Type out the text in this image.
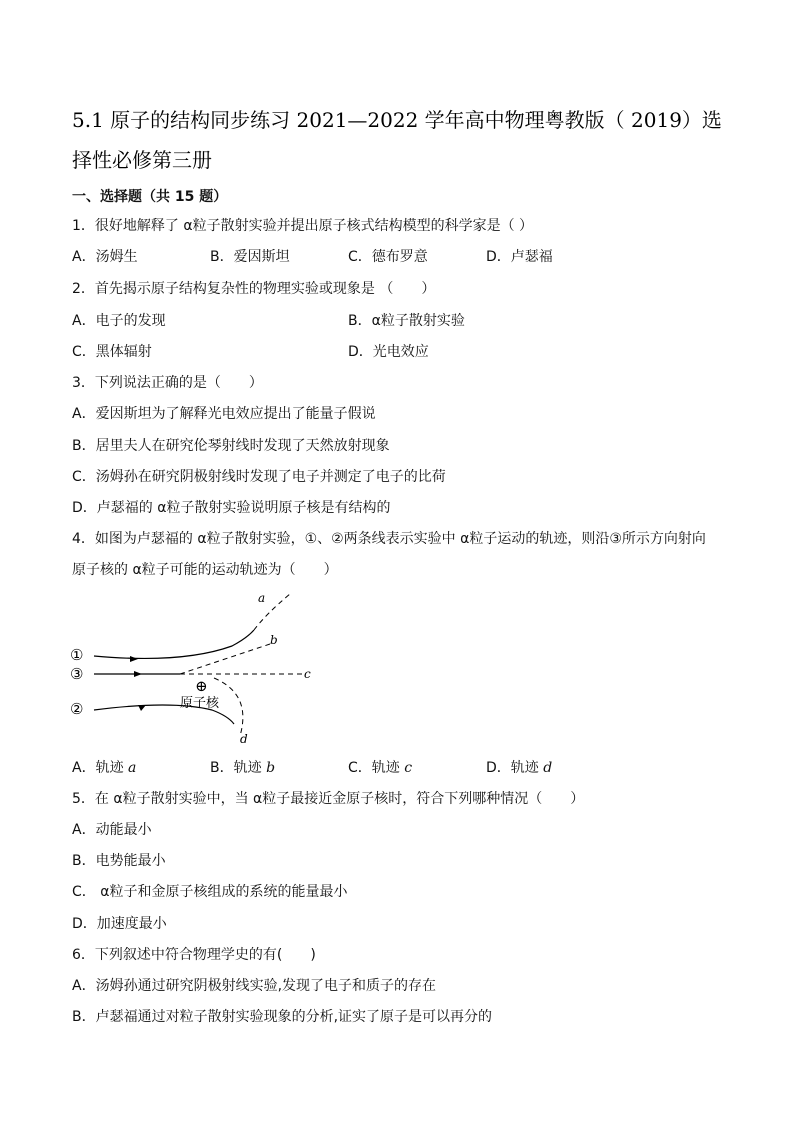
5.1 原子的结构同步练习 2021—2022 学年高中物理粤教版（ 2019）选择性必修第三册
一、选择题（共 15 题）
1．很好地解释了 α粒子散射实验并提出原子核式结构模型的科学家是（ ）
A．汤姆生	B．爱因斯坦	C．德布罗意	D．卢瑟福
2．首先揭示原子结构复杂性的物理实验或现象是 （　　）
A．电子的发现	B．α粒子散射实验
C．黑体辐射	D．光电效应
3．下列说法正确的是（　　）
A．爱因斯坦为了解释光电效应提出了能量子假说
B．居里夫人在研究伦琴射线时发现了天然放射现象
C．汤姆孙在研究阴极射线时发现了电子并测定了电子的比荷
D．卢瑟福的 α粒子散射实验说明原子核是有结构的
4．如图为卢瑟福的 α粒子散射实验，①、②两条线表示实验中 α粒子运动的轨迹，则沿③所示方向射向
原子核的 α粒子可能的运动轨迹为（　　）
①
③
②
⊕
原子核
a
b
c
d
A．轨迹 a	B．轨迹 b	C．轨迹 c	D．轨迹 d
5．在 α粒子散射实验中，当 α粒子最接近金原子核时，符合下列哪种情况（　　）
A．动能最小
B．电势能最小
C． α粒子和金原子核组成的系统的能量最小
D．加速度最小
6．下列叙述中符合物理学史的有(　　)
A．汤姆孙通过研究阴极射线实验,发现了电子和质子的存在
B．卢瑟福通过对粒子散射实验现象的分析,证实了原子是可以再分的
